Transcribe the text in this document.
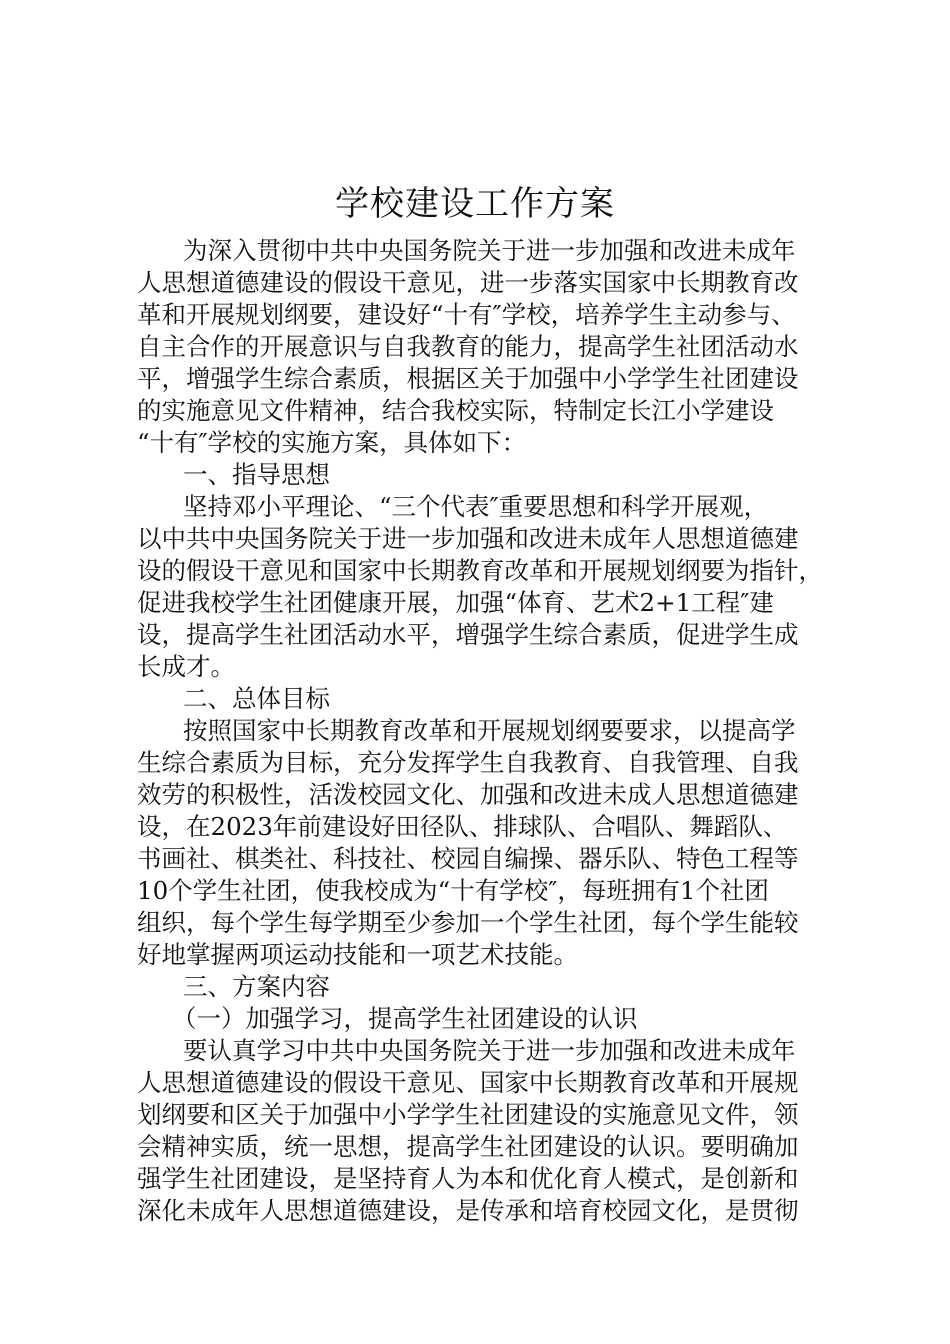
学校建设工作方案
为深入贯彻中共中央国务院关于进一步加强和改进未成年
人思想道德建设的假设干意见，进一步落实国家中长期教育改
革和开展规划纲要，建设好“十有″学校，培养学生主动参与、
自主合作的开展意识与自我教育的能力，提高学生社团活动水
平，增强学生综合素质，根据区关于加强中小学学生社团建设
的实施意见文件精神，结合我校实际，特制定长江小学建设
“十有″学校的实施方案，具体如下：
一、指导思想
坚持邓小平理论、“三个代表″重要思想和科学开展观，
以中共中央国务院关于进一步加强和改进未成年人思想道德建
设的假设干意见和国家中长期教育改革和开展规划纲要为指针，
促进我校学生社团健康开展，加强“体育、艺术2+1工程″建
设，提高学生社团活动水平，增强学生综合素质，促进学生成
长成才。
二、总体目标
按照国家中长期教育改革和开展规划纲要要求，以提高学
生综合素质为目标，充分发挥学生自我教育、自我管理、自我
效劳的积极性，活泼校园文化、加强和改进未成人思想道德建
设，在2023年前建设好田径队、排球队、合唱队、舞蹈队、
书画社、棋类社、科技社、校园自编操、器乐队、特色工程等
10个学生社团，使我校成为“十有学校″，每班拥有1个社团
组织，每个学生每学期至少参加一个学生社团，每个学生能较
好地掌握两项运动技能和一项艺术技能。
三、方案内容
（一）加强学习，提高学生社团建设的认识
要认真学习中共中央国务院关于进一步加强和改进未成年
人思想道德建设的假设干意见、国家中长期教育改革和开展规
划纲要和区关于加强中小学学生社团建设的实施意见文件，领
会精神实质，统一思想，提高学生社团建设的认识。要明确加
强学生社团建设，是坚持育人为本和优化育人模式，是创新和
深化未成年人思想道德建设，是传承和培育校园文化，是贯彻
